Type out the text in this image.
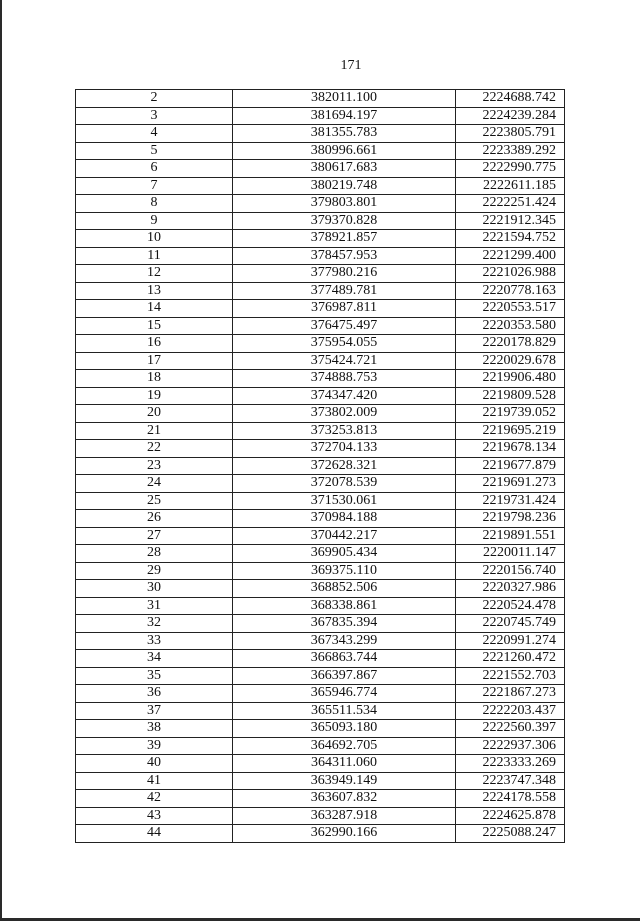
171
2	382011.100	2224688.742
3	381694.197	2224239.284
4	381355.783	2223805.791
5	380996.661	2223389.292
6	380617.683	2222990.775
7	380219.748	2222611.185
8	379803.801	2222251.424
9	379370.828	2221912.345
10	378921.857	2221594.752
11	378457.953	2221299.400
12	377980.216	2221026.988
13	377489.781	2220778.163
14	376987.811	2220553.517
15	376475.497	2220353.580
16	375954.055	2220178.829
17	375424.721	2220029.678
18	374888.753	2219906.480
19	374347.420	2219809.528
20	373802.009	2219739.052
21	373253.813	2219695.219
22	372704.133	2219678.134
23	372628.321	2219677.879
24	372078.539	2219691.273
25	371530.061	2219731.424
26	370984.188	2219798.236
27	370442.217	2219891.551
28	369905.434	2220011.147
29	369375.110	2220156.740
30	368852.506	2220327.986
31	368338.861	2220524.478
32	367835.394	2220745.749
33	367343.299	2220991.274
34	366863.744	2221260.472
35	366397.867	2221552.703
36	365946.774	2221867.273
37	365511.534	2222203.437
38	365093.180	2222560.397
39	364692.705	2222937.306
40	364311.060	2223333.269
41	363949.149	2223747.348
42	363607.832	2224178.558
43	363287.918	2224625.878
44	362990.166	2225088.247
